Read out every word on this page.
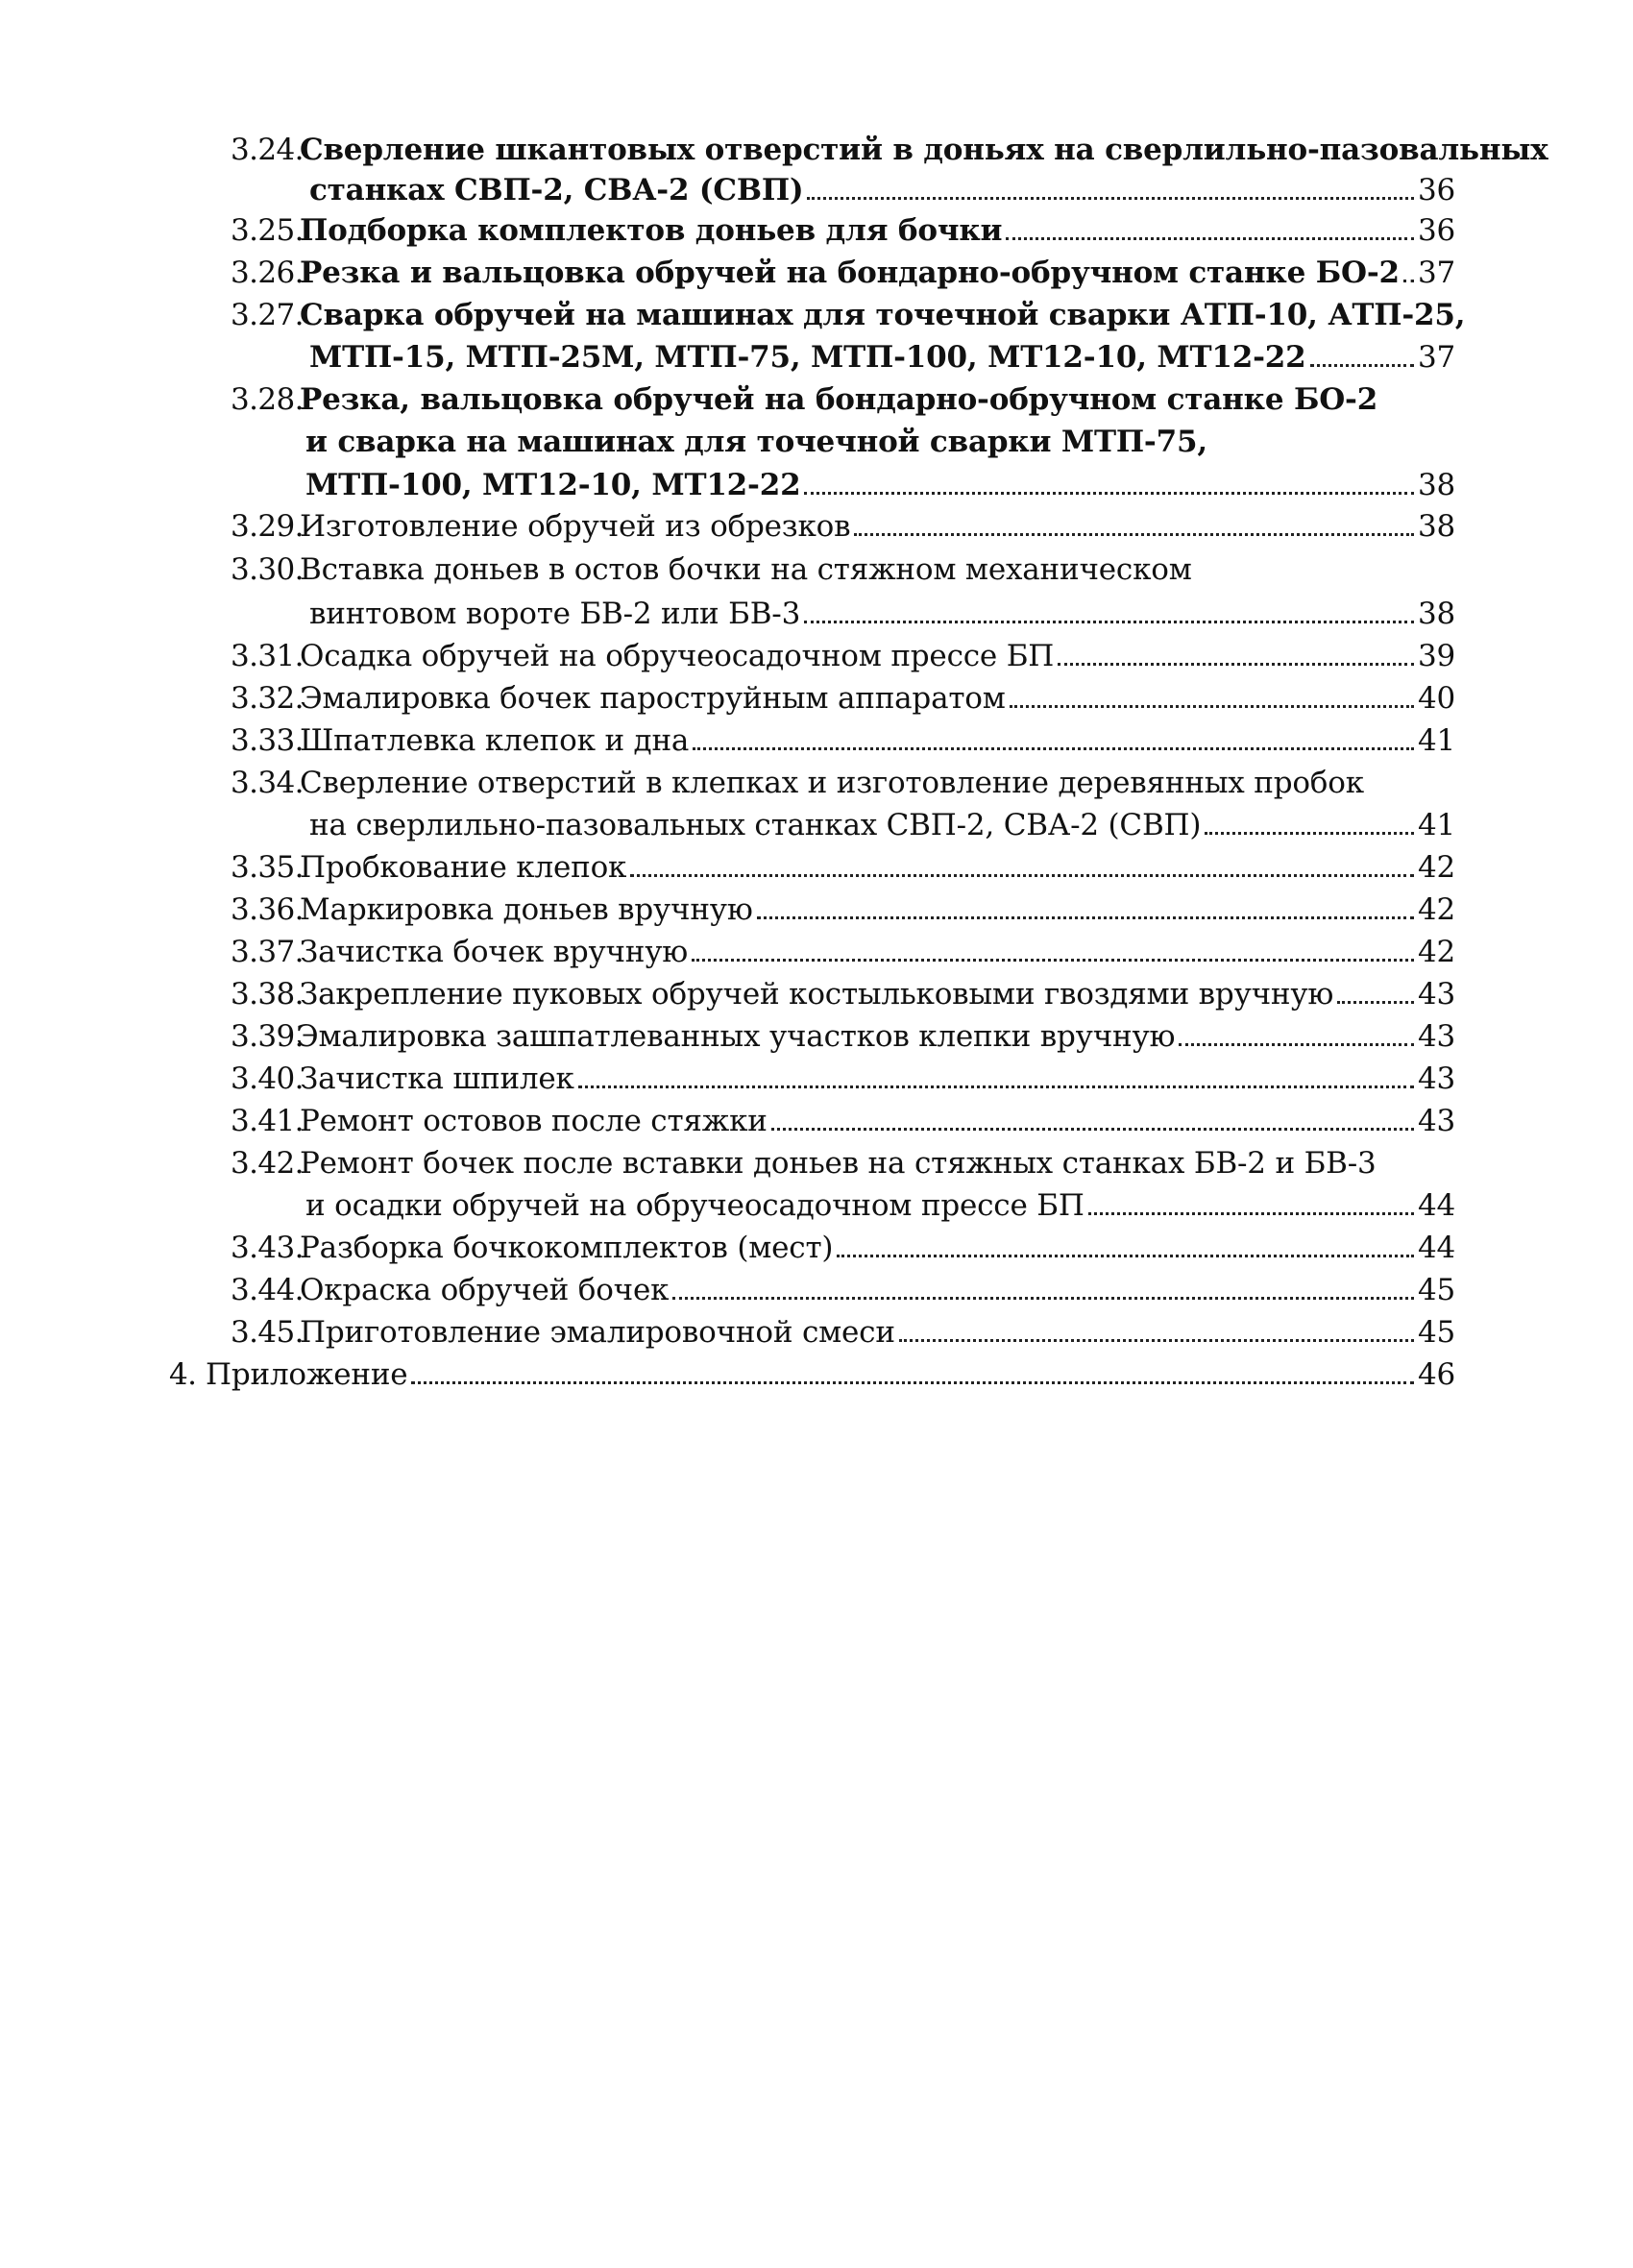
3.24.
Сверление шкантовых отверстий в доньях на сверлильно-пазовальных
станках СВП-2, СВА-2 (СВП)	36
3.25.
Подборка комплектов доньев для бочки	36
3.26.
Резка и вальцовка обручей на бондарно-обручном станке БО-2 37
3.27.
Сварка обручей на машинах для точечной сварки АТП-10, АТП-25,
МТП-15, МТП-25М, МТП-75, МТП-100, МТ12-10, МТ12-22	37
3.28.
Резка, вальцовка обручей на бондарно-обручном станке БО-2
и сварка на машинах для точечной сварки МТП-75,
МТП-100, МТ12-10, МТ12-22	38
3.29.
Изготовление обручей из обрезков	38
3.30.
Вставка доньев в остов бочки на стяжном механическом
винтовом вороте БВ-2 или БВ-3	38
3.31.
Осадка обручей на обручеосадочном прессе БП	39
3.32.
Эмалировка бочек пароструйным аппаратом	40
3.33.
Шпатлевка клепок и дна	41
3.34.
Сверление отверстий в клепках и изготовление деревянных пробок
на сверлильно-пазовальных станках СВП-2, СВА-2 (СВП)	41
3.35.
Пробкование клепок	42
3.36.
Маркировка доньев вручную	42
3.37.
Зачистка бочек вручную	42
3.38.
Закрепление пуковых обручей костыльковыми гвоздями вручную	43
3.39.
Эмалировка зашпатлеванных участков клепки вручную	43
3.40.
Зачистка шпилек	43
3.41.
Ремонт остовов после стяжки	43
3.42.
Ремонт бочек после вставки доньев на стяжных станках БВ-2 и БВ-3
и осадки обручей на обручеосадочном прессе БП	44
3.43.
Разборка бочкокомплектов (мест)	44
3.44.
Окраска обручей бочек	45
3.45.
Приготовление эмалировочной смеси	45
4. Приложение	46
